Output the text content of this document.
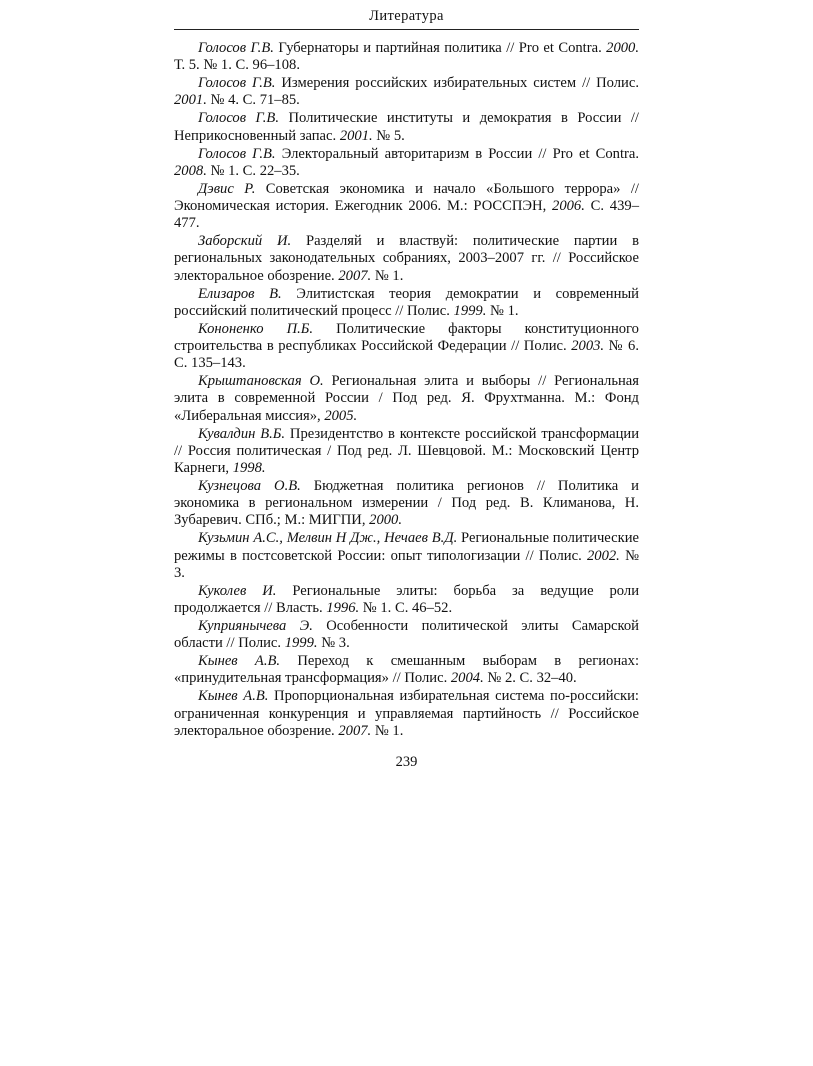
Литература

Голосов Г.В. Губернаторы и партийная политика // Pro et Contra. 2000. Т. 5. № 1. С. 96–108.

Голосов Г.В. Измерения российских избирательных систем // Полис. 2001. № 4. С. 71–85.

Голосов Г.В. Политические институты и демократия в России // Неприкосновенный запас. 2001. № 5.

Голосов Г.В. Электоральный авторитаризм в России // Pro et Contra. 2008. № 1. С. 22–35.

Дэвис Р. Советская экономика и начало «Большого террора» // Экономическая история. Ежегодник 2006. М.: РОССПЭН, 2006. С. 439–477.

Заборский И. Разделяй и властвуй: политические партии в региональных законодательных собраниях, 2003–2007 гг. // Российское электоральное обозрение. 2007. № 1.

Елизаров В. Элитистская теория демократии и современный российский политический процесс // Полис. 1999. № 1.

Кононенко П.Б. Политические факторы конституционного строительства в республиках Российской Федерации // Полис. 2003. № 6. С. 135–143.

Крыштановская О. Региональная элита и выборы // Региональная элита в современной России / Под ред. Я. Фрухтманна. М.: Фонд «Либеральная миссия», 2005.

Кувалдин В.Б. Президентство в контексте российской трансформации // Россия политическая / Под ред. Л. Шевцовой. М.: Московский Центр Карнеги, 1998.

Кузнецова О.В. Бюджетная политика регионов // Политика и экономика в региональном измерении / Под ред. В. Климанова, Н. Зубаревич. СПб.; М.: МИГПИ, 2000.

Кузьмин А.С., Мелвин Н Дж., Нечаев В.Д. Региональные политические режимы в постсоветской России: опыт типологизации // Полис. 2002. № 3.

Куколев И. Региональные элиты: борьба за ведущие роли продолжается // Власть. 1996. № 1. С. 46–52.

Куприянычева Э. Особенности политической элиты Самарской области // Полис. 1999. № 3.

Кынев А.В. Переход к смешанным выборам в регионах: «принудительная трансформация» // Полис. 2004. № 2. С. 32–40.

Кынев А.В. Пропорциональная избирательная система по-российски: ограниченная конкуренция и управляемая партийность // Российское электоральное обозрение. 2007. № 1.

239
